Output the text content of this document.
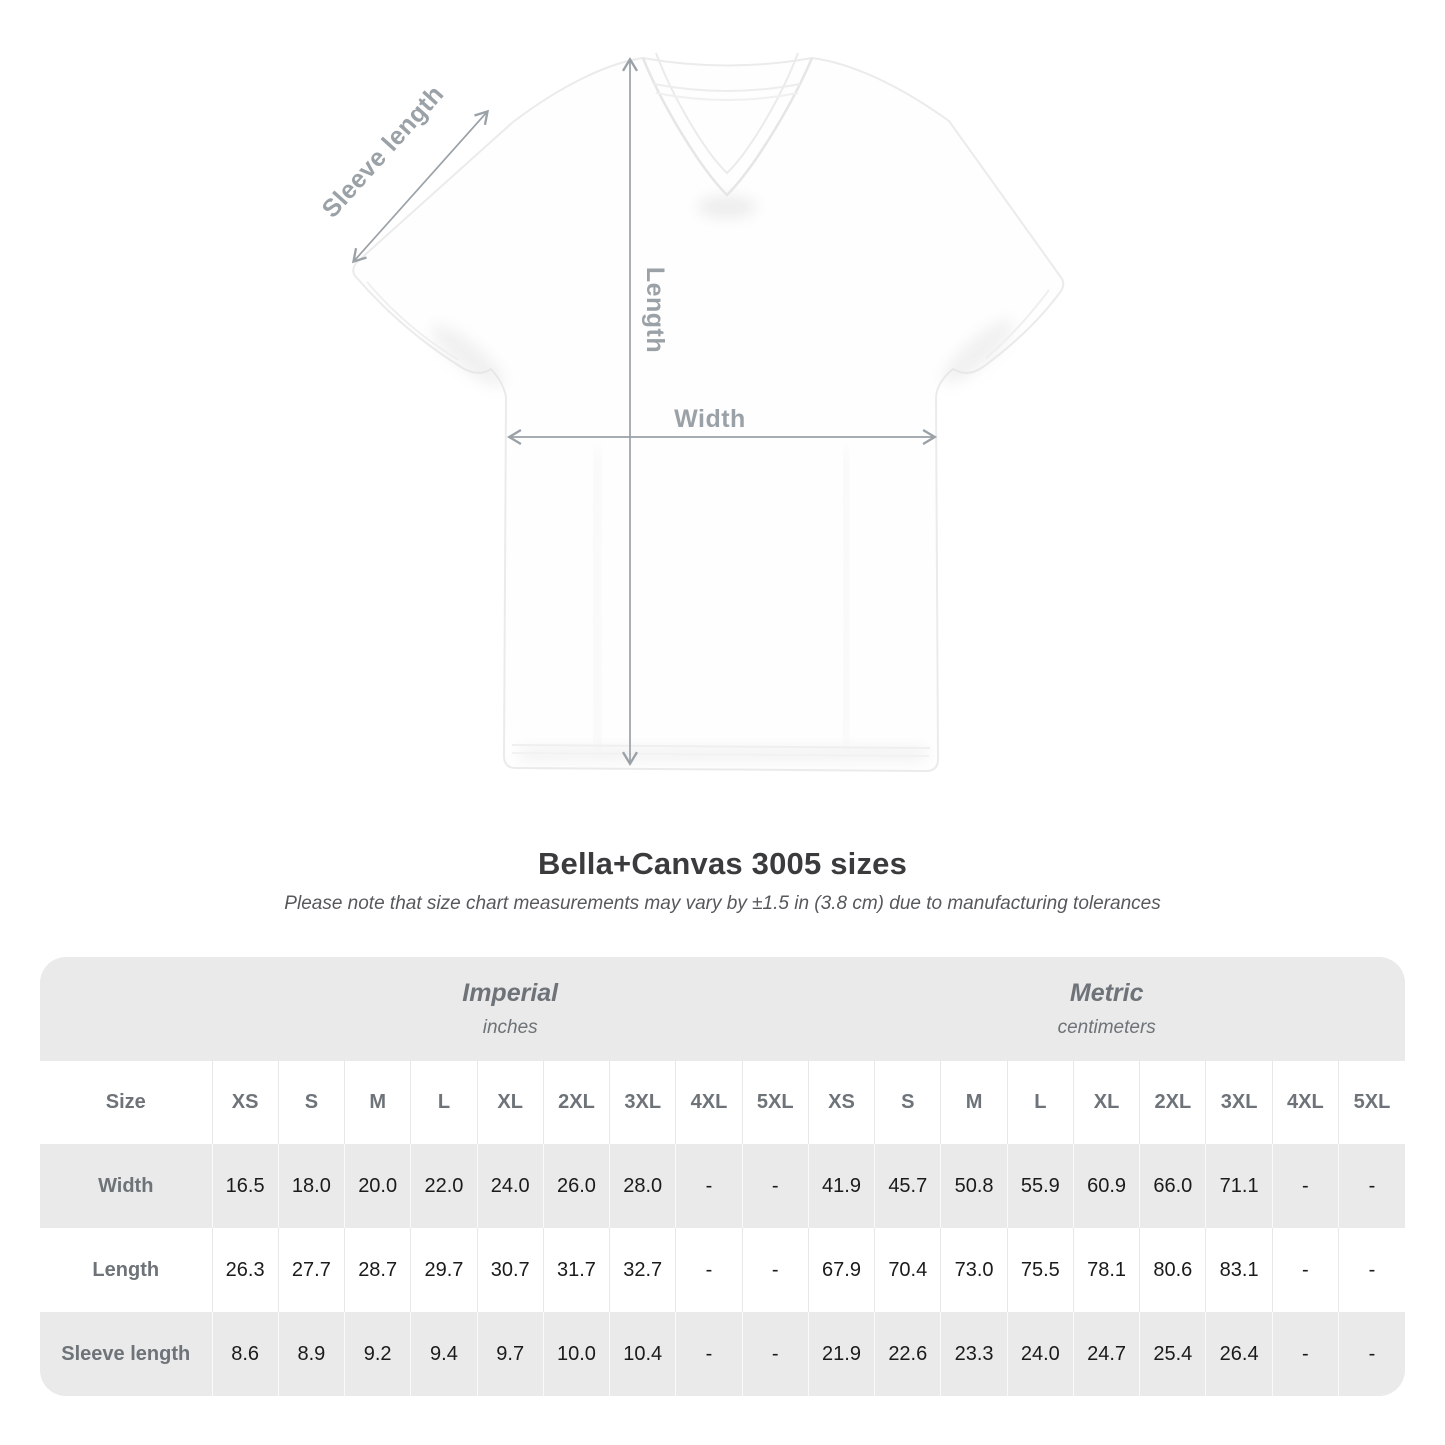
Sleeve length
Length
Width
Bella+Canvas 3005 sizes

Please note that size chart measurements may vary by ±1.5 in (3.8 cm) due to manufacturing tolerances

Imperial
inches

Metric
centimeters

Size	XS	S	M	L	XL	2XL	3XL	4XL	5XL	XS	S	M	L	XL	2XL	3XL	4XL	5XL
Width	16.5	18.0	20.0	22.0	24.0	26.0	28.0	-	-	41.9	45.7	50.8	55.9	60.9	66.0	71.1	-	-
Length	26.3	27.7	28.7	29.7	30.7	31.7	32.7	-	-	67.9	70.4	73.0	75.5	78.1	80.6	83.1	-	-
Sleeve length	8.6	8.9	9.2	9.4	9.7	10.0	10.4	-	-	21.9	22.6	23.3	24.0	24.7	25.4	26.4	-	-
